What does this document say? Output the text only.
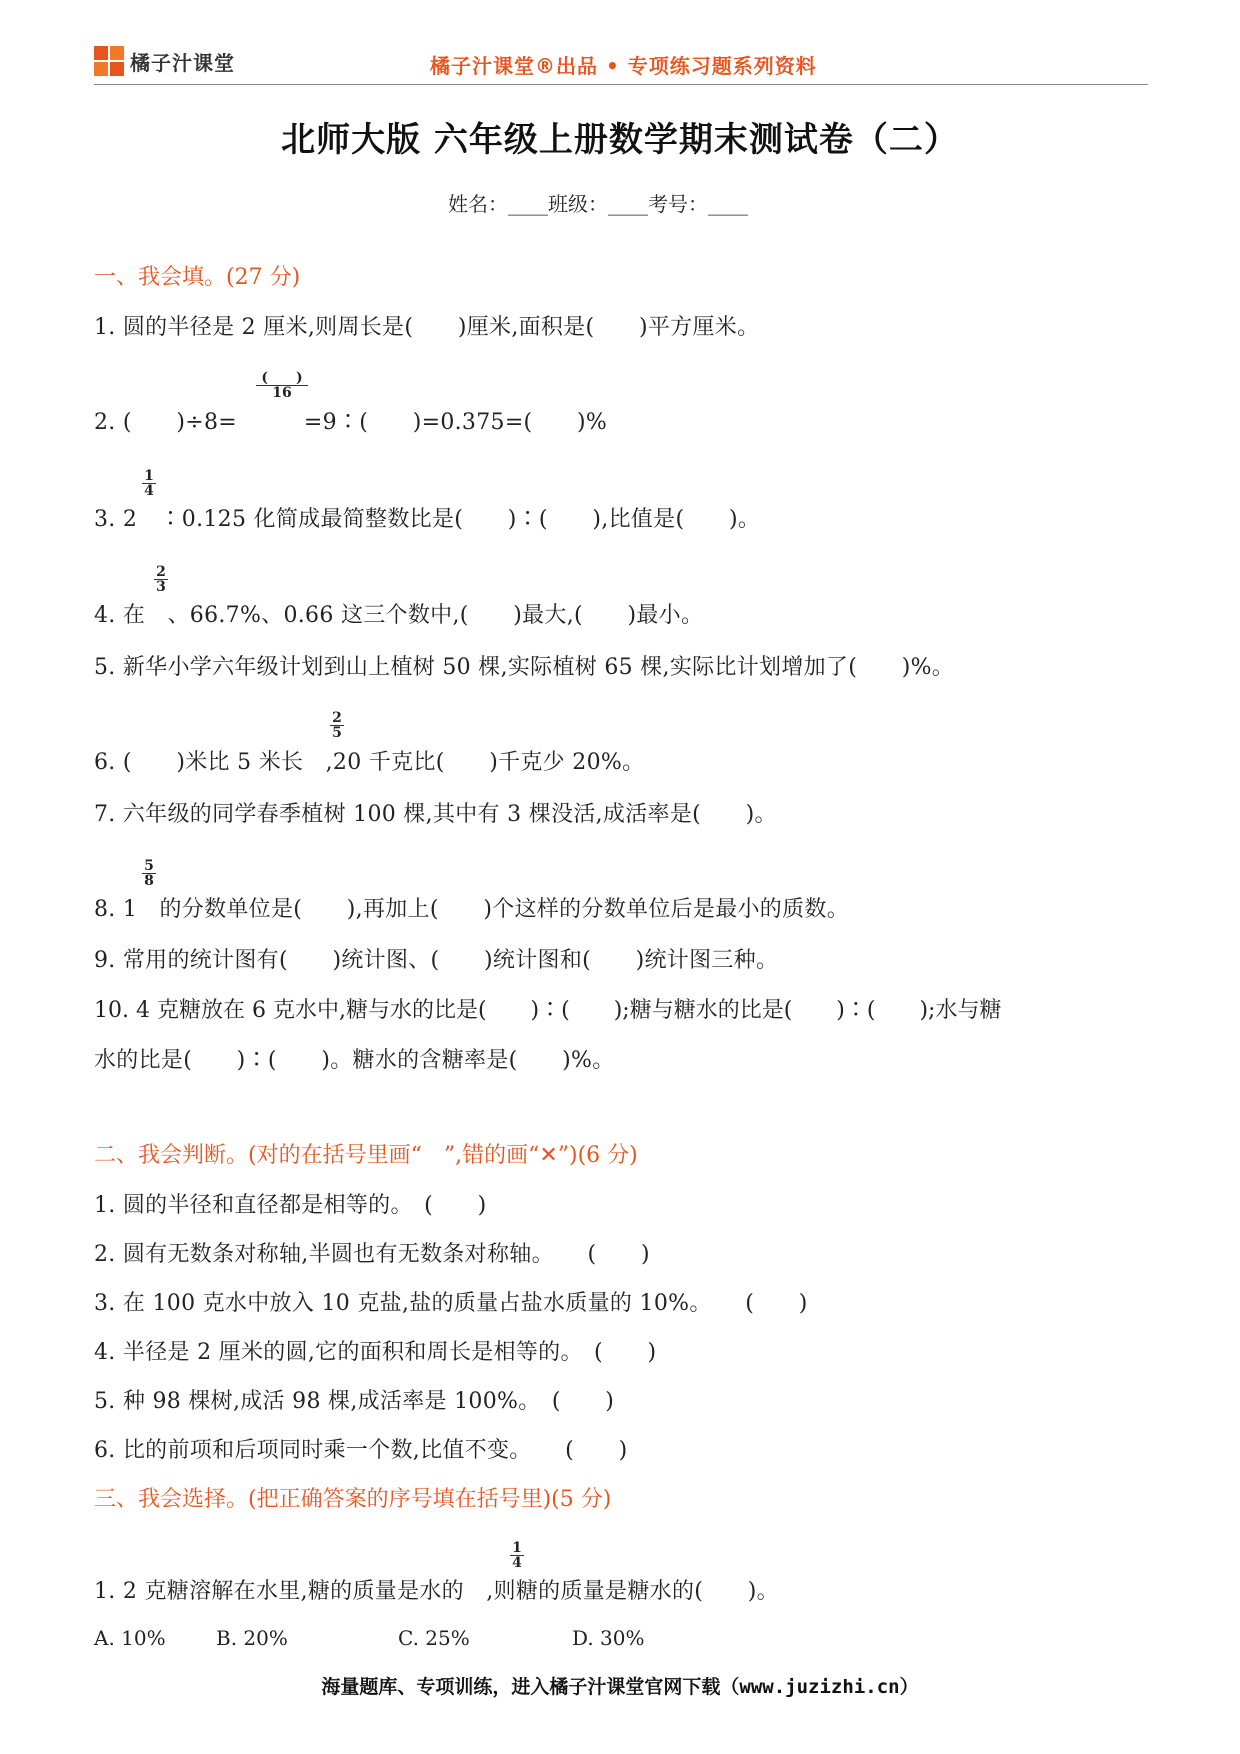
橘子汁课堂	橘子汁课堂®出品 • 专项练习题系列资料
北师大版 六年级上册数学期末测试卷（二）
姓名：____班级：____考号：____
一、我会填。(27 分)
1. 圆的半径是 2 厘米,则周长是(　　)厘米,面积是(　　)平方厘米。
(　　)
16
2. (　　)÷8=　　　=9∶(　　)=0.375=(　　)%
1
4
3. 2　∶0.125 化简成最简整数比是(　　)∶(　　),比值是(　　)。
2
3
4. 在　、66.7%、0.66 这三个数中,(　　)最大,(　　)最小。
5. 新华小学六年级计划到山上植树 50 棵,实际植树 65 棵,实际比计划增加了(　　)%。
2
5
6. (　　)米比 5 米长　,20 千克比(　　)千克少 20%。
7. 六年级的同学春季植树 100 棵,其中有 3 棵没活,成活率是(　　)。
5
8
8. 1　的分数单位是(　　),再加上(　　)个这样的分数单位后是最小的质数。
9. 常用的统计图有(　　)统计图、(　　)统计图和(　　)统计图三种。
10. 4 克糖放在 6 克水中,糖与水的比是(　　)∶(　　);糖与糖水的比是(　　)∶(　　);水与糖
水的比是(　　)∶(　　)。糖水的含糖率是(　　)%。
二、我会判断。(对的在括号里画“　”,错的画“✕”)(6 分)
1. 圆的半径和直径都是相等的。　(　　)
2. 圆有无数条对称轴,半圆也有无数条对称轴。　　(　　)
3. 在 100 克水中放入 10 克盐,盐的质量占盐水质量的 10%。　　(　　)
4. 半径是 2 厘米的圆,它的面积和周长是相等的。　(　　)
5. 种 98 棵树,成活 98 棵,成活率是 100%。　(　　)
6. 比的前项和后项同时乘一个数,比值不变。　　(　　)
三、我会选择。(把正确答案的序号填在括号里)(5 分)
1
4
1. 2 克糖溶解在水里,糖的质量是水的　,则糖的质量是糖水的(　　)。
A. 10%	B. 20%	C. 25%	D. 30%
海量题库、专项训练，进入橘子汁课堂官网下载（www.juzizhi.cn）
